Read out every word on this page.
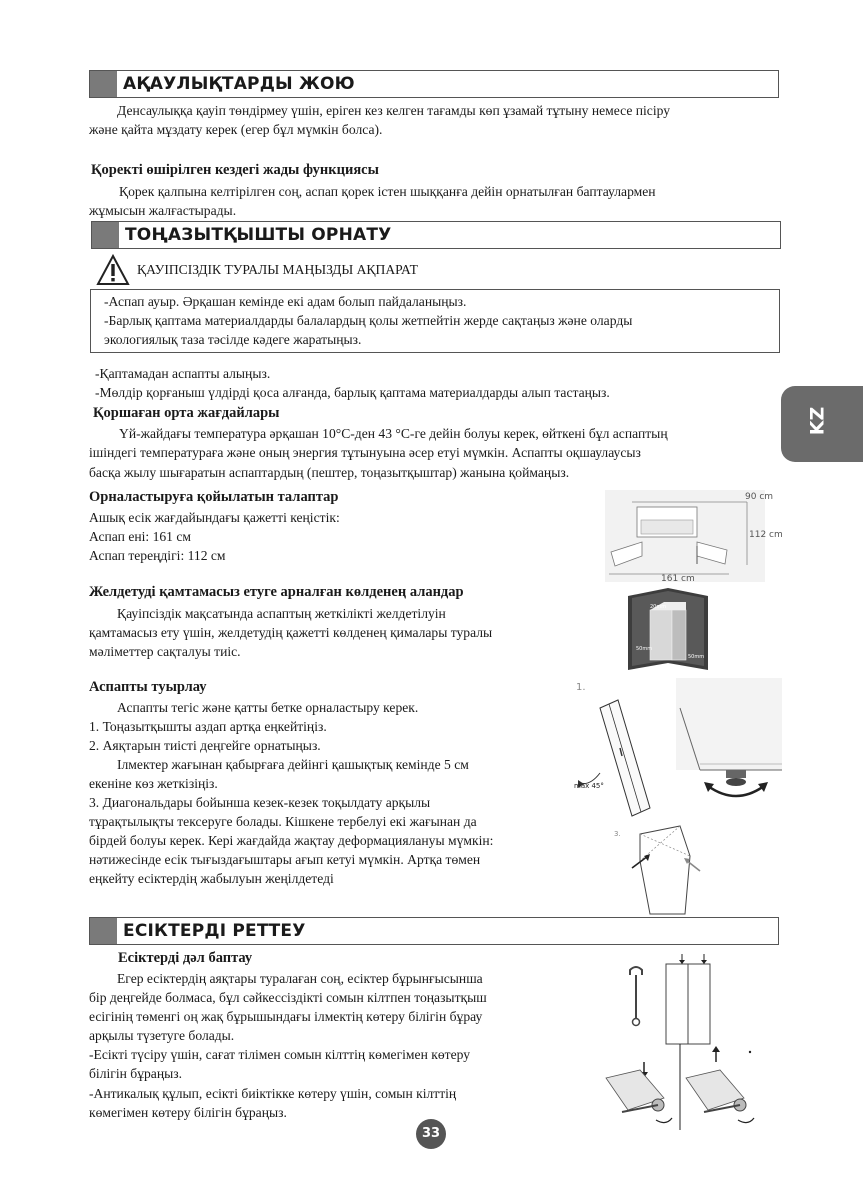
АҚАУЛЫҚТАРДЫ ЖОЮ
Денсаулыққа қауіп төндірмеу үшін, еріген кез келген тағамды көп ұзамай тұтыну немесе пісіру
және қайта мұздату керек (егер бұл мүмкін болса).
Қоректі өшірілген кездегі жады функциясы
Қорек қалпына келтірілген соң, аспап қорек істен шыққанға дейін орнатылған баптаулармен
жұмысын жалғастырады.
ТОҢАЗЫТҚЫШТЫ ОРНАТУ
ҚАУІПСІЗДІК ТУРАЛЫ МАҢЫЗДЫ АҚПАРАТ
-Аспап ауыр. Әрқашан кемінде екі адам болып пайдаланыңыз.
-Барлық қаптама материалдарды балалардың қолы жетпейтін жерде сақтаңыз және оларды
экологиялық таза тәсілде кәдеге жаратыңыз.
-Қаптамадан аспапты алыңыз.
-Мөлдір қорғаныш үлдірді қоса алғанда, барлық қаптама материалдарды алып тастаңыз.
Қоршаған орта жағдайлары
Үй-жайдағы температура әрқашан 10°C-ден 43 °C-ге дейін болуы керек, өйткені бұл аспаптың
ішіндегі температураға және оның энергия тұтынуына әсер етуі мүмкін. Аспапты оқшаулаусыз
басқа жылу шығаратын аспаптардың (пештер, тоңазытқыштар) жанына қоймаңыз.
KZ
Орналастыруға қойылатын талаптар
Ашық есік жағдайындағы қажетті кеңістік:
Аспап ені: 161 см
Аспап тереңдігі: 112 см
161 cm
112 cm
90 cm
Желдетуді қамтамасыз етуге арналған көлденең аландар
Қауіпсіздік мақсатында аспаптың жеткілікті желдетілуін
қамтамасыз ету үшін, желдетудің қажетті көлденең қималары туралы
мәліметтер сақталуы тиіс.
20mm
50mm
50mm
Аспапты туырлау
Аспапты тегіс және қатты бетке орналастыру керек.
1. Тоңазытқышты аздап артқа еңкейтіңіз.
2. Аяқтарын тиісті деңгейге орнатыңыз.
Ілмектер жағынан қабырғаға дейінгі қашықтық кемінде 5 см
екеніне көз жеткізіңіз.
3. Диагональдары бойынша кезек-кезек тоқылдату арқылы
тұрақтылықты тексеруге болады. Кішкене тербелуі екі жағынан да
бірдей болуы керек. Кері жағдайда жақтау деформациялануы мүмкін:
нәтижесінде есік тығыздағыштары ағып кетуі мүмкін. Артқа төмен
еңкейту есіктердің жабылуын жеңілдетеді
1.
max 45°
3.
ЕСІКТЕРДІ РЕТТЕУ
Есіктерді дәл баптау
Егер есіктердің аяқтары туралаған соң, есіктер бұрынғысынша
бір деңгейде болмаса, бұл сәйкессіздікті сомын кілтпен тоңазытқыш
есігінің төменгі оң жақ бұрышындағы ілмектің көтеру білігін бұрау
арқылы түзетуге болады.
-Есікті түсіру үшін, сағат тілімен сомын кілттің көмегімен көтеру
білігін бұраңыз.
-Антикалық құлып, есікті биіктікке көтеру үшін, сомын кілттің
көмегімен көтеру білігін бұраңыз.
33
